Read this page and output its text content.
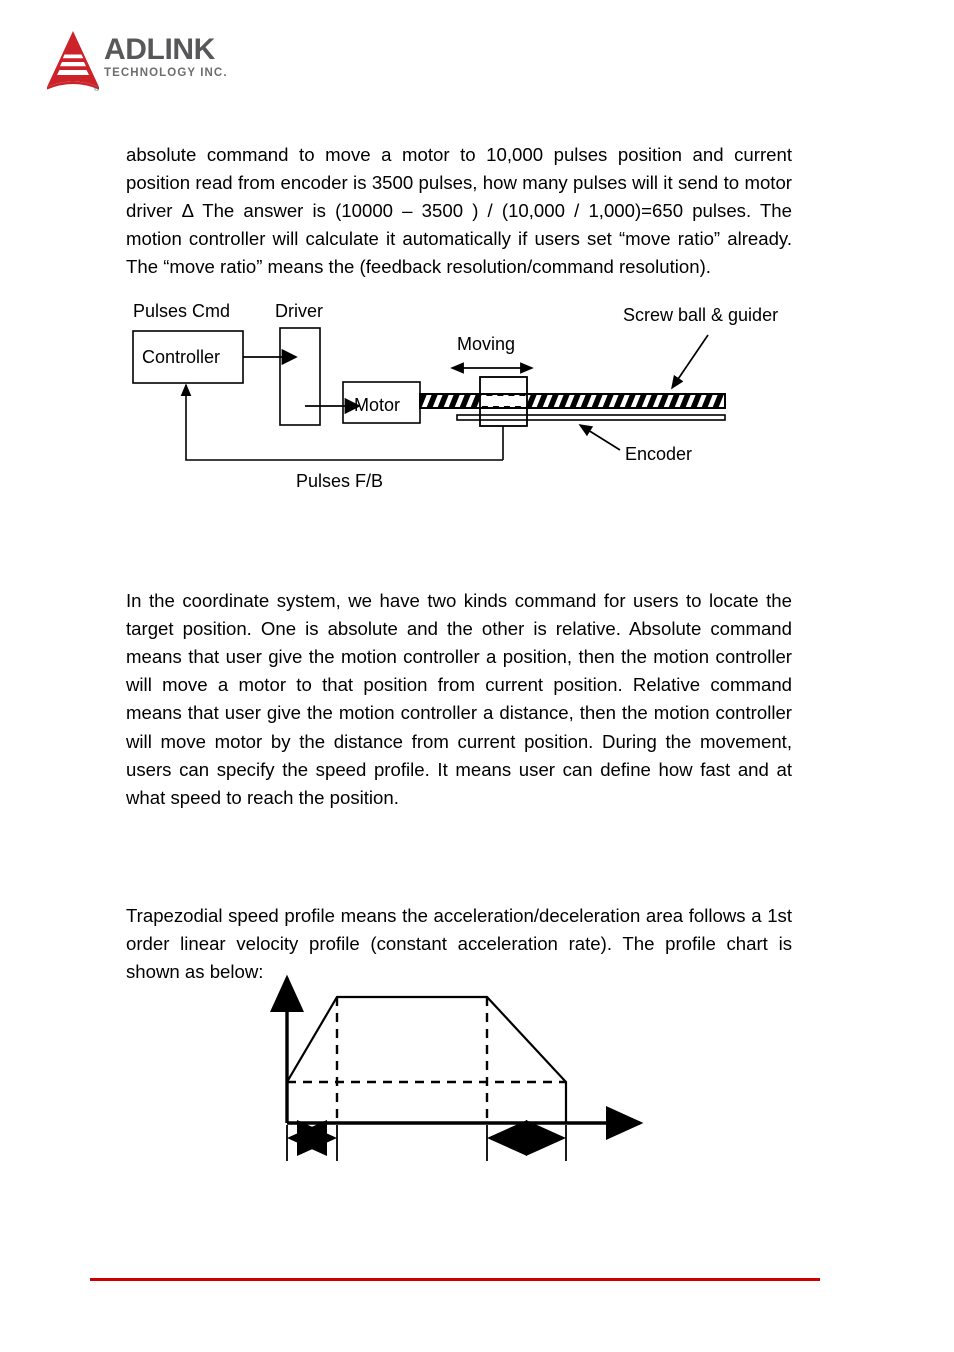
®
ADLINK
TECHNOLOGY INC.

absolute command to move a motor to 10,000 pulses position and current position read from encoder is 3500 pulses, how many pulses will it send to motor driver Δ The answer is (10000 – 3500 ) / (10,000 / 1,000)=650 pulses. The motion controller will calculate it automatically if users set “move ratio” already. The “move ratio” means the (feedback resolution/command resolution).

Pulses Cmd Driver
Controller
Motor
Pulses F/B
Moving
Screw ball & guider
Encoder

In the coordinate system, we have two kinds command for users to locate the target position. One is absolute and the other is relative. Absolute command means that user give the motion controller a position, then the motion controller will move a motor to that position from current position. Relative command means that user give the motion controller a distance, then the motion controller will move motor by the distance from current position. During the movement, users can specify the speed profile. It means user can define how fast and at what speed to reach the position.

Trapezodial speed profile means the acceleration/deceleration area follows a 1st order linear velocity profile (constant acceleration rate). The profile chart is shown as below:
